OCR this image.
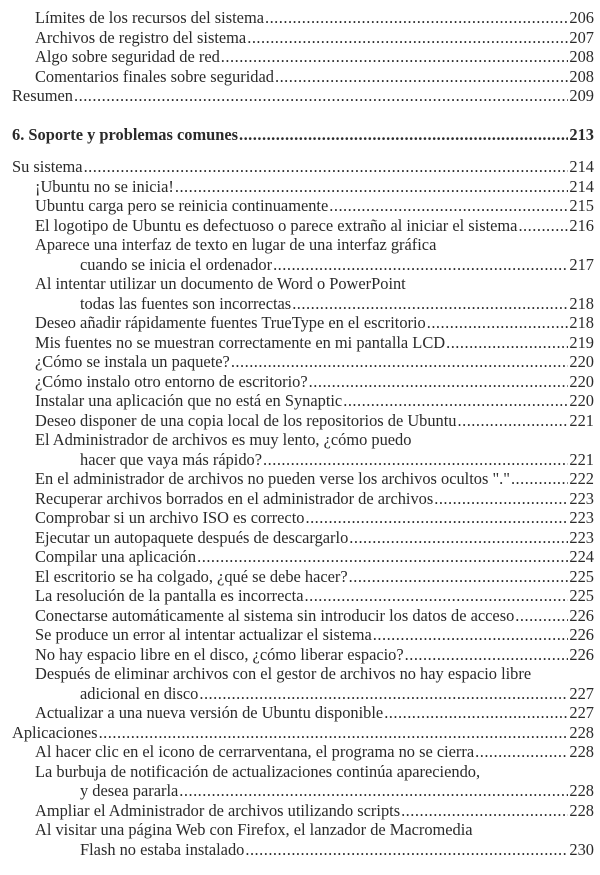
Límites de los recursos del sistema .....	206
Archivos de registro del sistema .....	207
Algo sobre seguridad de red .....	208
Comentarios finales sobre seguridad .....	208
Resumen .....	209
6. Soporte y problemas comunes .....	213
Su sistema .....	214
¡Ubuntu no se inicia! .....	214
Ubuntu carga pero se reinicia continuamente .....	215
El logotipo de Ubuntu es defectuoso o parece extraño al iniciar el sistema .....	216
Aparece una interfaz de texto en lugar de una interfaz gráfica
cuando se inicia el ordenador .....	217
Al intentar utilizar un documento de Word o PowerPoint
todas las fuentes son incorrectas .....	218
Deseo añadir rápidamente fuentes TrueType en el escritorio .....	218
Mis fuentes no se muestran correctamente en mi pantalla LCD .....	219
¿Cómo se instala un paquete? .....	220
¿Cómo instalo otro entorno de escritorio? .....	220
Instalar una aplicación que no está en Synaptic .....	220
Deseo disponer de una copia local de los repositorios de Ubuntu .....	221
El Administrador de archivos es muy lento, ¿cómo puedo
hacer que vaya más rápido? .....	221
En el administrador de archivos no pueden verse los archivos ocultos "." .....	222
Recuperar archivos borrados en el administrador de archivos .....	223
Comprobar si un archivo ISO es correcto .....	223
Ejecutar un autopaquete después de descargarlo .....	223
Compilar una aplicación .....	224
El escritorio se ha colgado, ¿qué se debe hacer? .....	225
La resolución de la pantalla es incorrecta .....	225
Conectarse automáticamente al sistema sin introducir los datos de acceso .....	226
Se produce un error al intentar actualizar el sistema .....	226
No hay espacio libre en el disco, ¿cómo liberar espacio? .....	226
Después de eliminar archivos con el gestor de archivos no hay espacio libre
adicional en disco .....	227
Actualizar a una nueva versión de Ubuntu disponible .....	227
Aplicaciones .....	228
Al hacer clic en el icono de cerrarventana, el programa no se cierra .....	228
La burbuja de notificación de actualizaciones continúa apareciendo,
y desea pararla .....	228
Ampliar el Administrador de archivos utilizando scripts .....	228
Al visitar una página Web con Firefox, el lanzador de Macromedia
Flash no estaba instalado .....	230
